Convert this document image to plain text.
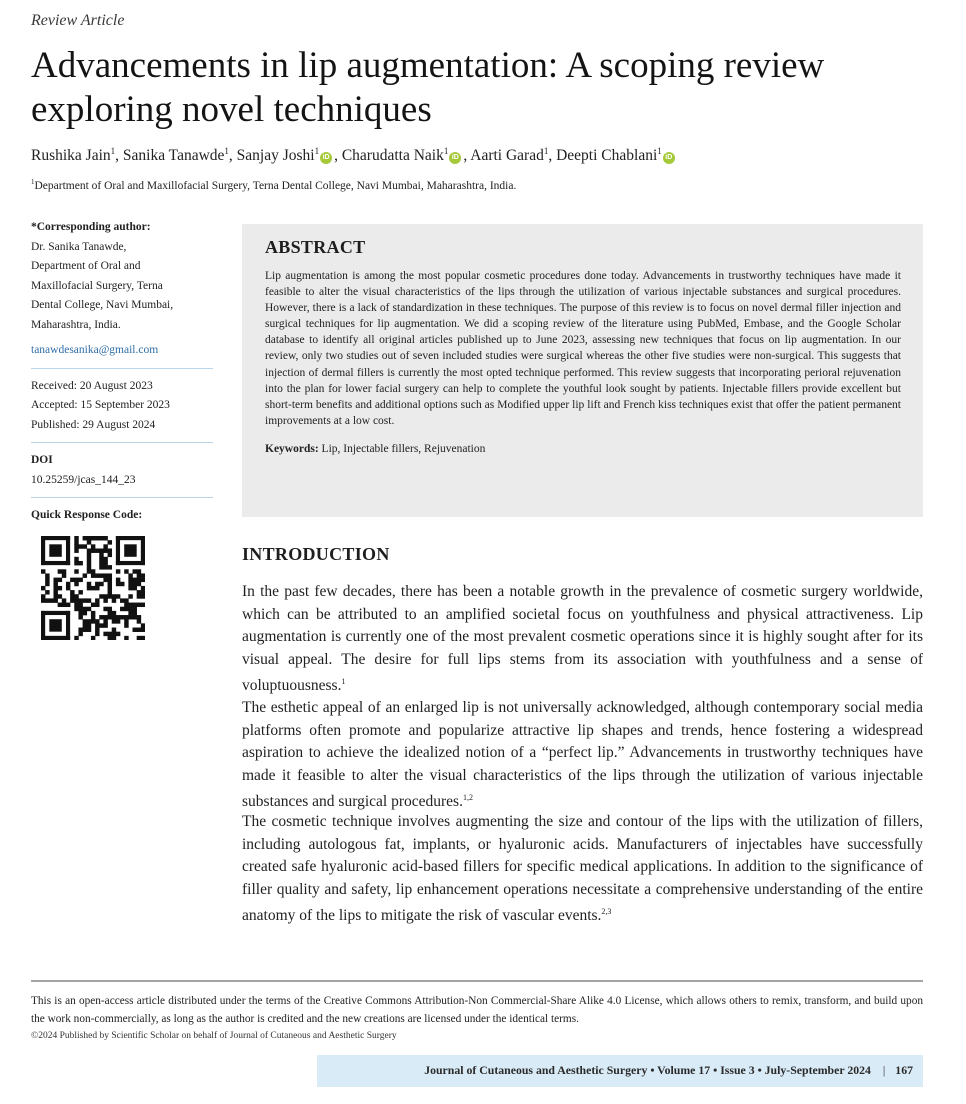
Review Article
Advancements in lip augmentation: A scoping review
exploring novel techniques
Rushika Jain$^1$, Sanika Tanawde$^1$, Sanjay Joshi$^1$iD , Charudatta Naik$^1$iD , Aarti Garad$^1$, Deepti Chablani$^1$iD
$^1$Department of Oral and Maxillofacial Surgery, Terna Dental College, Navi Mumbai, Maharashtra, India.
*Corresponding author:
Dr. Sanika Tanawde,
Department of Oral and
Maxillofacial Surgery, Terna
Dental College, Navi Mumbai,
Maharashtra, India.
tanawdesanika@gmail.com
Received: 20 August 2023
Accepted: 15 September 2023
Published: 29 August 2024
DOI
10.25259/jcas_144_23
Quick Response Code:
ABSTRACT

Lip augmentation is among the most popular cosmetic procedures done today. Advancements in trustworthy techniques have made it feasible to alter the visual characteristics of the lips through the utilization of various injectable substances and surgical procedures. However, there is a lack of standardization in these techniques. The purpose of this review is to focus on novel dermal filler injection and surgical techniques for lip augmentation. We did a scoping review of the literature using PubMed, Embase, and the Google Scholar database to identify all original articles published up to June 2023, assessing new techniques that focus on lip augmentation. In our review, only two studies out of seven included studies were surgical whereas the other five studies were non-surgical. This suggests that injection of dermal fillers is currently the most opted technique performed. This review suggests that incorporating perioral rejuvenation into the plan for lower facial surgery can help to complete the youthful look sought by patients. Injectable fillers provide excellent but short-term benefits and additional options such as Modified upper lip lift and French kiss techniques exist that offer the patient permanent improvements at a low cost.

Keywords: Lip, Injectable fillers, Rejuvenation
INTRODUCTION

In the past few decades, there has been a notable growth in the prevalence of cosmetic surgery worldwide, which can be attributed to an amplified societal focus on youthfulness and physical attractiveness. Lip augmentation is currently one of the most prevalent cosmetic operations since it is highly sought after for its visual appeal. The desire for full lips stems from its association with youthfulness and a sense of voluptuousness.$^1$

The esthetic appeal of an enlarged lip is not universally acknowledged, although contemporary social media platforms often promote and popularize attractive lip shapes and trends, hence fostering a widespread aspiration to achieve the idealized notion of a “perfect lip.” Advancements in trustworthy techniques have made it feasible to alter the visual characteristics of the lips through the utilization of various injectable substances and surgical procedures.$^{1,2}$

The cosmetic technique involves augmenting the size and contour of the lips with the utilization of fillers, including autologous fat, implants, or hyaluronic acids. Manufacturers of injectables have successfully created safe hyaluronic acid-based fillers for specific medical applications. In addition to the significance of filler quality and safety, lip enhancement operations necessitate a comprehensive understanding of the entire anatomy of the lips to mitigate the risk of vascular events.$^{2,3}$

This is an open-access article distributed under the terms of the Creative Commons Attribution-Non Commercial-Share Alike 4.0 License, which allows others to remix, transform, and build upon the work non-commercially, as long as the author is credited and the new creations are licensed under the identical terms.

©2024 Published by Scientific Scholar on behalf of Journal of Cutaneous and Aesthetic Surgery
Journal of Cutaneous and Aesthetic Surgery • Volume 17 • Issue 3 • July-September 2024 | 167
